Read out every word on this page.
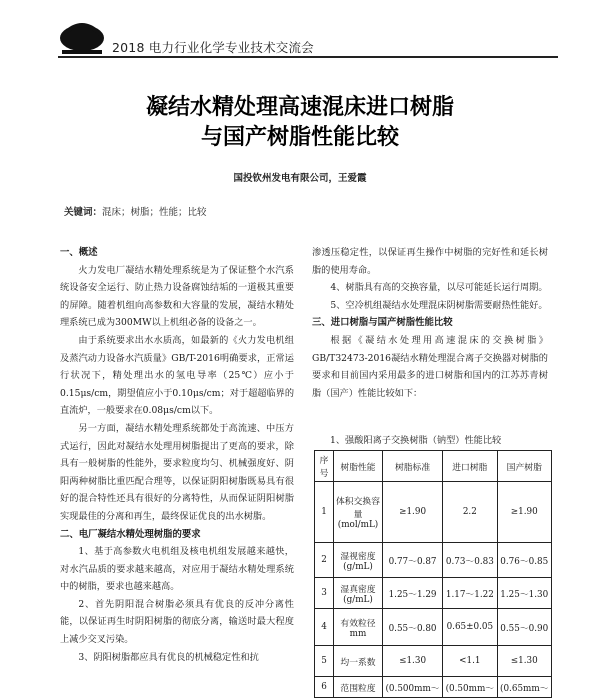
2018 电力行业化学专业技术交流会
凝结水精处理高速混床进口树脂
与国产树脂性能比较
国投钦州发电有限公司，王爱霞
关键词：混床；树脂；性能；比较

一、概述

火力发电厂凝结水精处理系统是为了保证整个水汽系统设备安全运行、防止热力设备腐蚀结垢的一道极其重要的屏障。随着机组向高参数和大容量的发展，凝结水精处理系统已成为300MW以上机组必备的设备之一。

由于系统要求出水水质高，如最新的《火力发电机组及蒸汽动力设备水汽质量》GB/T-2016明确要求，正常运行状况下，精处理出水的氢电导率（25℃）应小于0.15μs/cm，期望值应小于0.10μs/cm；对于超超临界的直流炉，一般要求在0.08μs/cm以下。

另一方面，凝结水精处理系统都处于高流速、中压方式运行，因此对凝结水处理用树脂提出了更高的要求，除具有一般树脂的性能外，要求粒度均匀、机械强度好、阴阳两种树脂比重匹配合理等，以保证阴阳树脂既易具有很好的混合特性还具有很好的分离特性，从而保证阴阳树脂实现最佳的分离和再生，最终保证优良的出水树脂。

二、电厂凝结水精处理树脂的要求

1、基于高参数火电机组及核电机组发展越来越快，对水汽品质的要求越来越高，对应用于凝结水精处理系统中的树脂，要求也越来越高。

2、首先阴阳混合树脂必须具有优良的反冲分离性能，以保证再生时阴阳树脂的彻底分离，输送时最大程度上减少交叉污染。

3、阴阳树脂都应具有优良的机械稳定性和抗

渗透压稳定性，以保证再生操作中树脂的完好性和延长树脂的使用寿命。

4、树脂具有高的交换容量，以尽可能延长运行周期。

5、空冷机组凝结水处理混床阴树脂需要耐热性能好。

三、进口树脂与国产树脂性能比较

根据《凝结水处理用高速混床的交换树脂》GB/T32473-2016凝结水精处理混合离子交换器对树脂的要求和目前国内采用最多的进口树脂和国内的江苏苏青树脂（国产）性能比较如下：

1、强酸阳离子交换树脂（钠型）性能比较
序号	树脂性能	树脂标准	进口树脂	国产树脂
1	体积交换容量(mol/mL)	≥1.90	2.2	≥1.90
2	湿视密度(g/mL)	0.77～0.87	0.73～0.83	0.76～0.85
3	湿真密度(g/mL)	1.25～1.29	1.17～1.22	1.25～1.30
4	有效粒径mm	0.55～0.80	0.65±0.05	0.55～0.90
5	均一系数	≤1.30	<1.1	≤1.30
6	范围粒度	(0.500mm～	(0.50mm～	(0.65mm～
